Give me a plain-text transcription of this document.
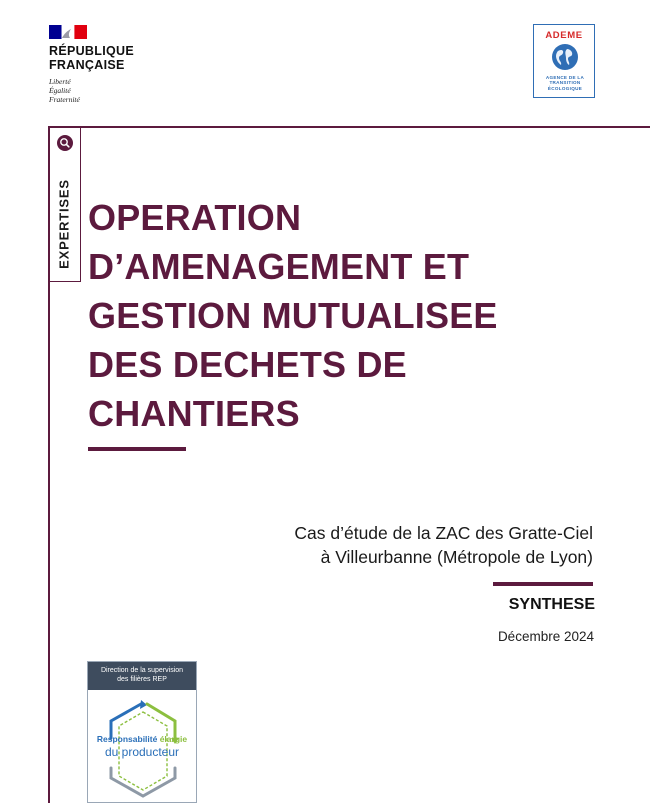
RÉPUBLIQUE
FRANÇAISE
Liberté
Égalité
Fraternité
ADEME
AGENCE DE LA
TRANSITION
ÉCOLOGIQUE
EXPERTISES OPERATION
D’AMENAGEMENT ET
GESTION MUTUALISEE
DES DECHETS DE
CHANTIERS
Cas d’étude de la ZAC des Gratte-Ciel
à Villeurbanne (Métropole de Lyon)
SYNTHESE
Décembre 2024
Direction de la supervision
des filières REP
Responsabilité élargie
du producteur
